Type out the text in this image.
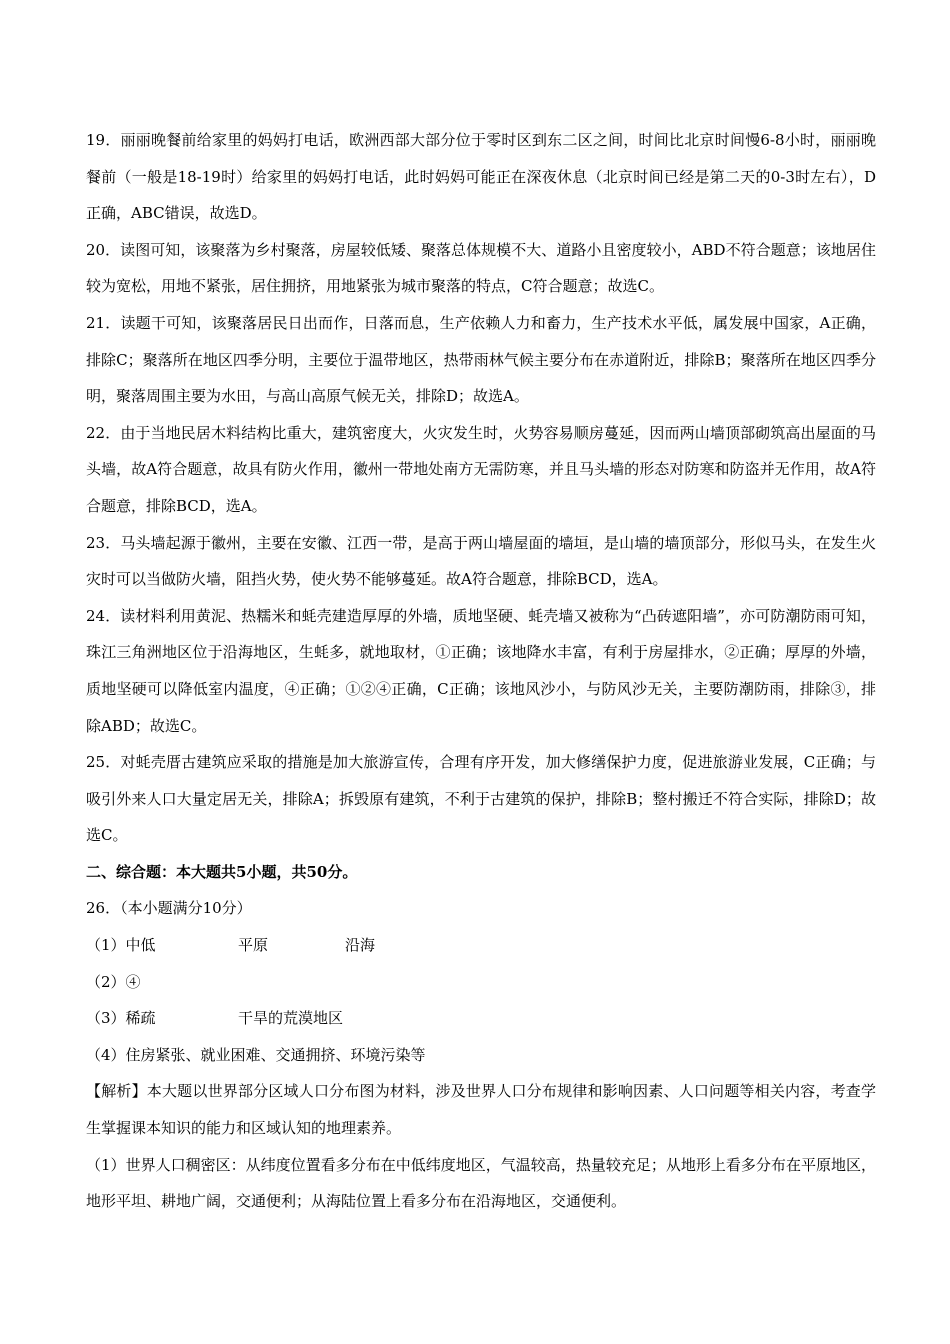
19．丽丽晚餐前给家里的妈妈打电话，欧洲西部大部分位于零时区到东二区之间，时间比北京时间慢6-8小时，丽丽晚餐前（一般是18-19时）给家里的妈妈打电话，此时妈妈可能正在深夜休息（北京时间已经是第二天的0-3时左右），D正确，ABC错误，故选D。

20．读图可知，该聚落为乡村聚落，房屋较低矮、聚落总体规模不大、道路小且密度较小，ABD不符合题意；该地居住较为宽松，用地不紧张，居住拥挤，用地紧张为城市聚落的特点，C符合题意；故选C。

21．读题干可知，该聚落居民日出而作，日落而息，生产依赖人力和畜力，生产技术水平低，属发展中国家，A正确，排除C；聚落所在地区四季分明，主要位于温带地区，热带雨林气候主要分布在赤道附近，排除B；聚落所在地区四季分明，聚落周围主要为水田，与高山高原气候无关，排除D；故选A。

22．由于当地民居木料结构比重大，建筑密度大，火灾发生时，火势容易顺房蔓延，因而两山墙顶部砌筑高出屋面的马头墙，故A符合题意，故具有防火作用，徽州一带地处南方无需防寒，并且马头墙的形态对防寒和防盗并无作用，故A符合题意，排除BCD，选A。

23．马头墙起源于徽州，主要在安徽、江西一带，是高于两山墙屋面的墙垣，是山墙的墙顶部分，形似马头，在发生火灾时可以当做防火墙，阻挡火势，使火势不能够蔓延。故A符合题意，排除BCD，选A。

24．读材料利用黄泥、热糯米和蚝壳建造厚厚的外墙，质地坚硬、蚝壳墙又被称为“凸砖遮阳墙”，亦可防潮防雨可知，珠江三角洲地区位于沿海地区，生蚝多，就地取材，①正确；该地降水丰富，有利于房屋排水，②正确；厚厚的外墙，质地坚硬可以降低室内温度，④正确；①②④正确，C正确；该地风沙小，与防风沙无关，主要防潮防雨，排除③，排除ABD；故选C。

25．对蚝壳厝古建筑应采取的措施是加大旅游宣传，合理有序开发，加大修缮保护力度，促进旅游业发展，C正确；与吸引外来人口大量定居无关，排除A；拆毁原有建筑，不利于古建筑的保护，排除B；整村搬迁不符合实际，排除D；故选C。

二、综合题：本大题共5小题，共50分。

26．（本小题满分10分）

（1）中低	平原	沿海

（2）④

（3）稀疏	干旱的荒漠地区

（4）住房紧张、就业困难、交通拥挤、环境污染等

【解析】本大题以世界部分区域人口分布图为材料，涉及世界人口分布规律和影响因素、人口问题等相关内容，考查学生掌握课本知识的能力和区域认知的地理素养。

（1）世界人口稠密区：从纬度位置看多分布在中低纬度地区，气温较高，热量较充足；从地形上看多分布在平原地区，地形平坦、耕地广阔，交通便利；从海陆位置上看多分布在沿海地区，交通便利。
